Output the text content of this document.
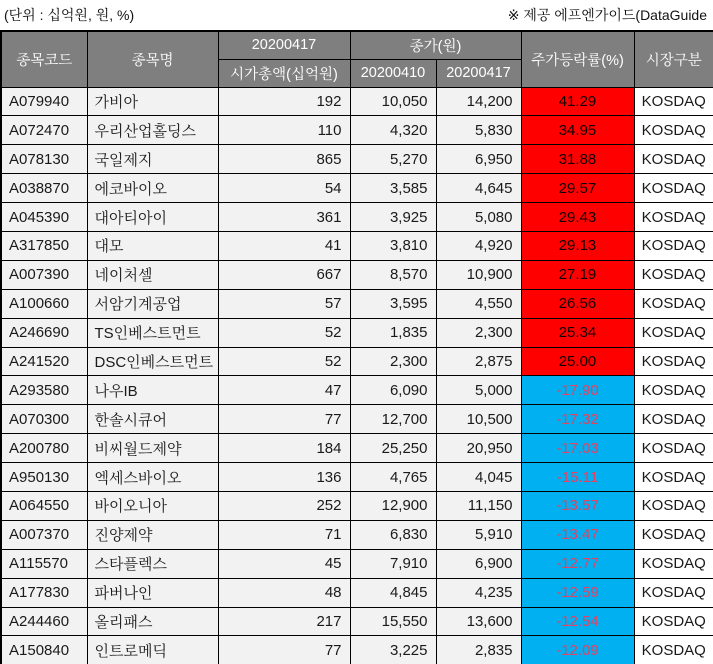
(단위 : 십억원, 원, %)	※ 제공 에프엔가이드(DataGuide
종목코드	종목명	20200417	종가(원)		주가등락률(%)	시장구분
		시가총액(십억원)	20200410	20200417		
A079940	가비아	192	10,050	14,200	41.29	KOSDAQ
A072470	우리산업홀딩스	110	4,320	5,830	34.95	KOSDAQ
A078130	국일제지	865	5,270	6,950	31.88	KOSDAQ
A038870	에코바이오	54	3,585	4,645	29.57	KOSDAQ
A045390	대아티아이	361	3,925	5,080	29.43	KOSDAQ
A317850	대모	41	3,810	4,920	29.13	KOSDAQ
A007390	네이처셀	667	8,570	10,900	27.19	KOSDAQ
A100660	서암기계공업	57	3,595	4,550	26.56	KOSDAQ
A246690	TS인베스트먼트	52	1,835	2,300	25.34	KOSDAQ
A241520	DSC인베스트먼트	52	2,300	2,875	25.00	KOSDAQ
A293580	나우IB	47	6,090	5,000	-17.90	KOSDAQ
A070300	한솔시큐어	77	12,700	10,500	-17.32	KOSDAQ
A200780	비씨월드제약	184	25,250	20,950	-17.03	KOSDAQ
A950130	엑세스바이오	136	4,765	4,045	-15.11	KOSDAQ
A064550	바이오니아	252	12,900	11,150	-13.57	KOSDAQ
A007370	진양제약	71	6,830	5,910	-13.47	KOSDAQ
A115570	스타플렉스	45	7,910	6,900	-12.77	KOSDAQ
A177830	파버나인	48	4,845	4,235	-12.59	KOSDAQ
A244460	올리패스	217	15,550	13,600	-12.54	KOSDAQ
A150840	인트로메딕	77	3,225	2,835	-12.09	KOSDAQ
